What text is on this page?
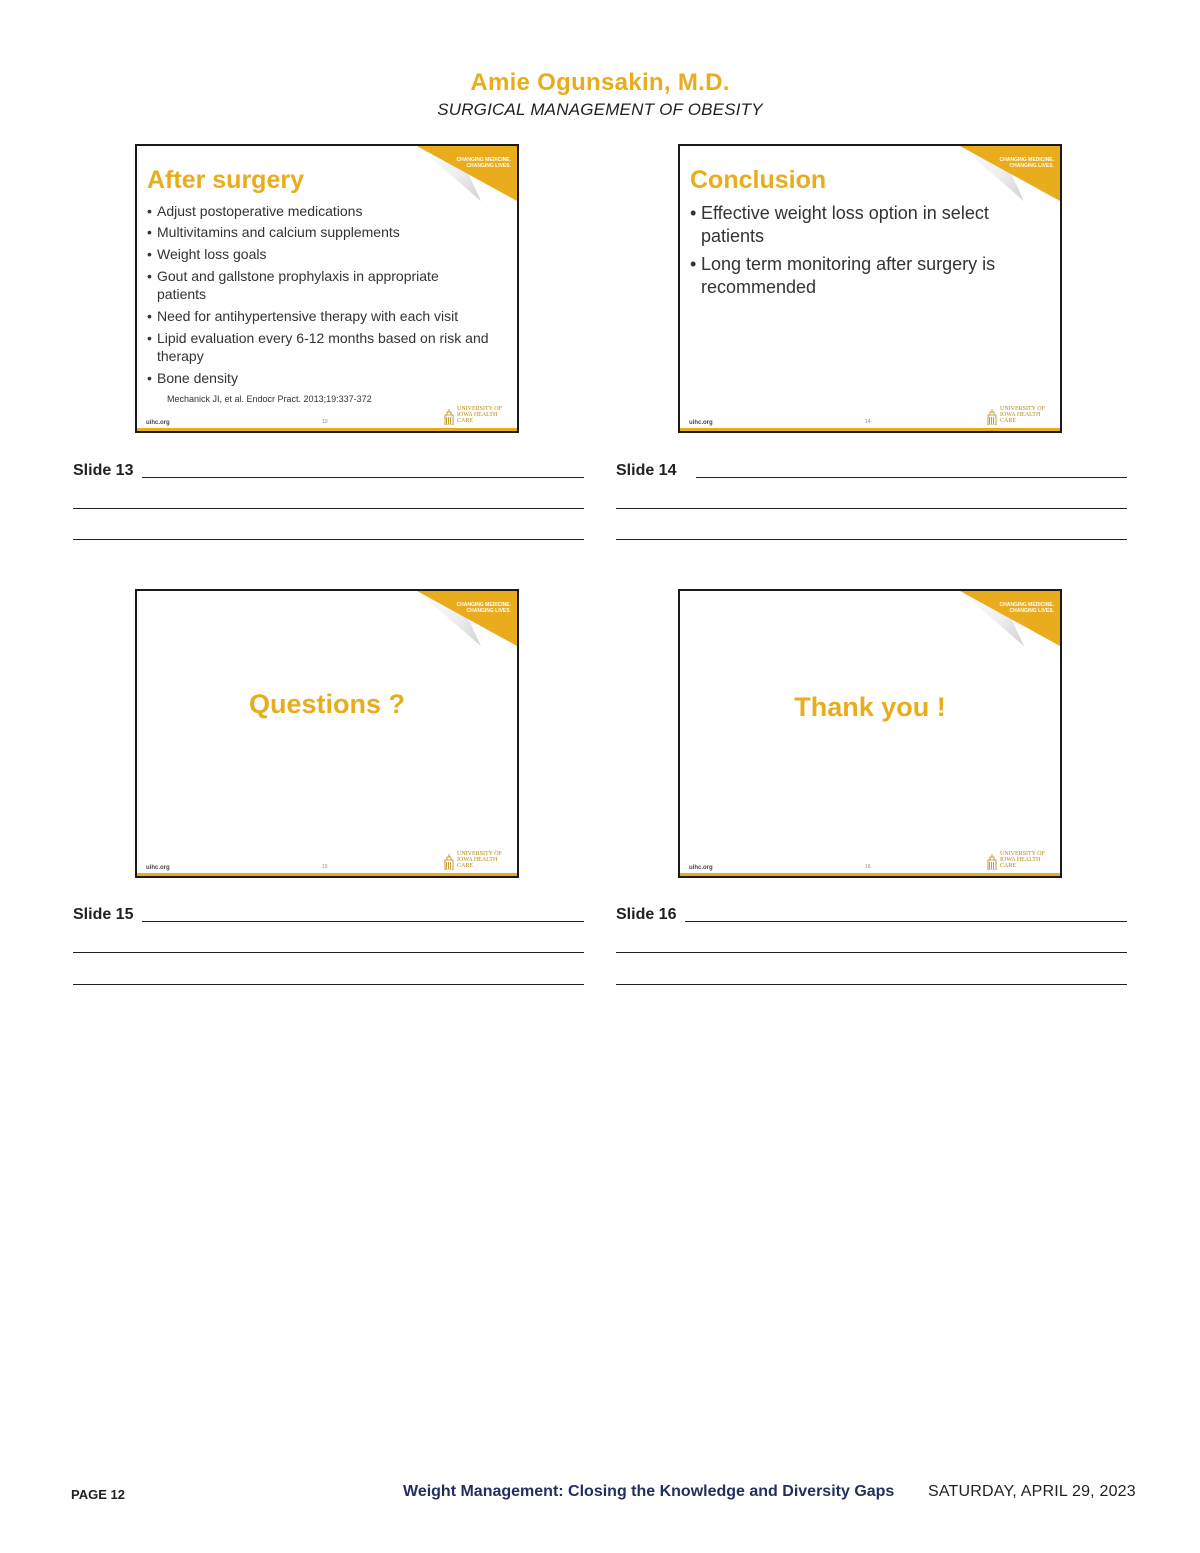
Amie Ogunsakin, M.D.
SURGICAL MANAGEMENT OF OBESITY
CHANGING MEDICINE. CHANGING LIVES.
After surgery
• Adjust postoperative medications
• Multivitamins and calcium supplements
• Weight loss goals
• Gout and gallstone prophylaxis in appropriate patients
• Need for antihypertensive therapy with each visit
• Lipid evaluation every 6-12 months based on risk and therapy
• Bone density
Mechanick JI, et al. Endocr Pract. 2013;19:337-372
uihc.org	13
UNIVERSITY OF IOWA HEALTH CARE
CHANGING MEDICINE. CHANGING LIVES.
Conclusion
• Effective weight loss option in select patients
• Long term monitoring after surgery is recommended
uihc.org	14
UNIVERSITY OF IOWA HEALTH CARE
CHANGING MEDICINE. CHANGING LIVES.
Questions ?
uihc.org	15
UNIVERSITY OF IOWA HEALTH CARE
CHANGING MEDICINE. CHANGING LIVES.
Thank you !
uihc.org	16
UNIVERSITY OF IOWA HEALTH CARE
Slide 13	Slide 14
Slide 15	Slide 16
PAGE 12	Weight Management: Closing the Knowledge and Diversity Gaps SATURDAY, APRIL 29, 2023
